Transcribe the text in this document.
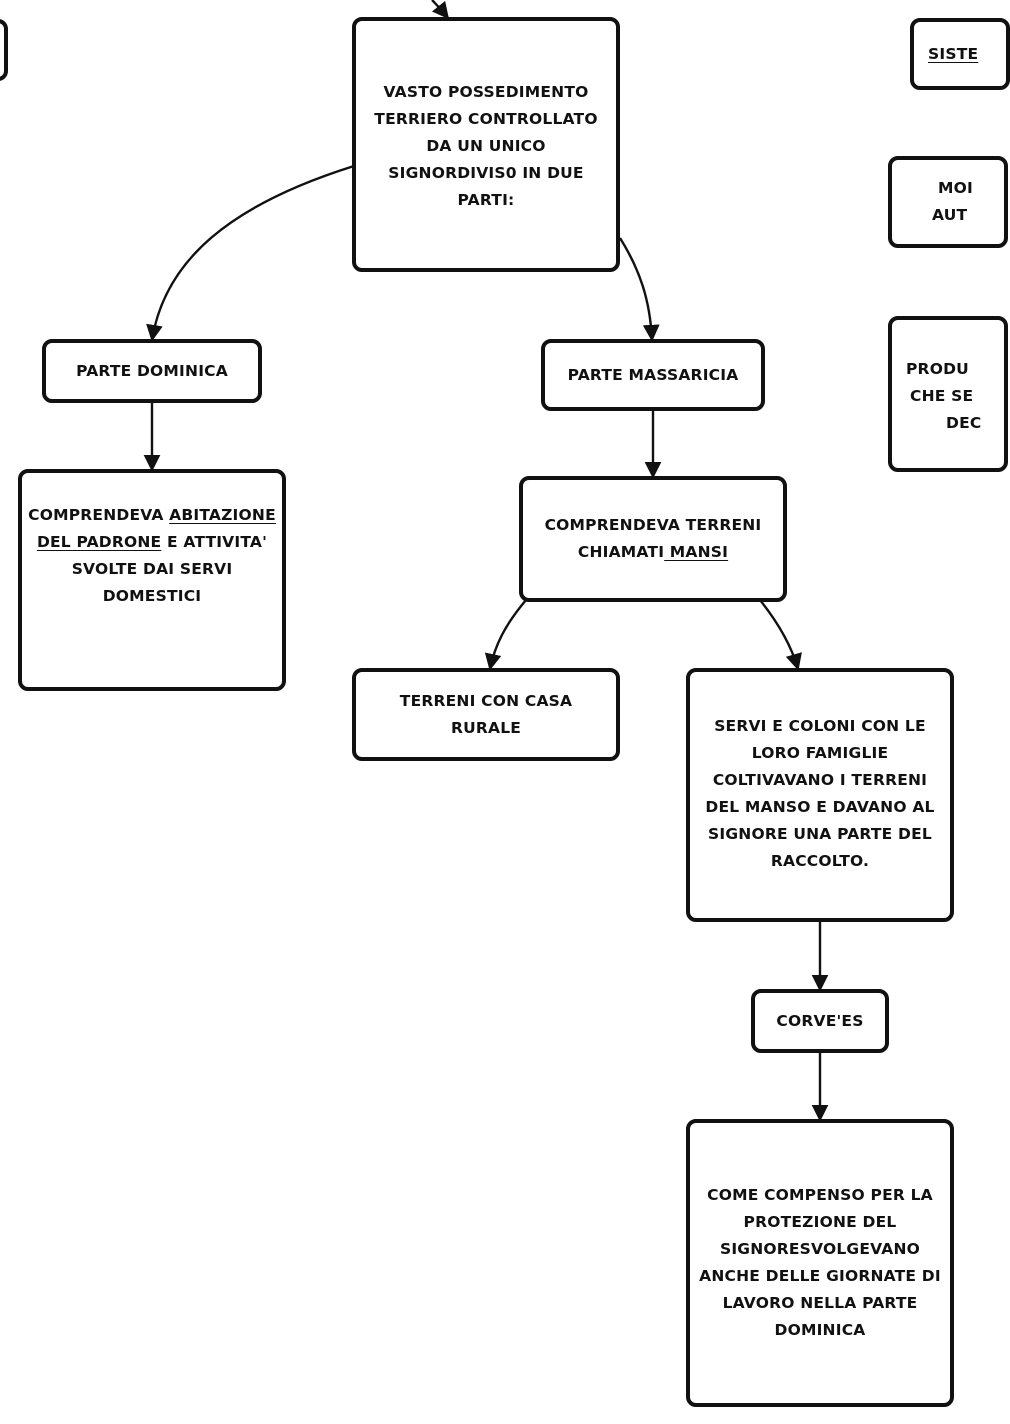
VASTO POSSEDIMENTO TERRIERO CONTROLLATO DA UN UNICO SIGNORDIVIS0 IN DUE PARTI:
PARTE DOMINICA	PARTE MASSARICIA
COMPRENDEVA ABITAZIONE DEL PADRONE E ATTIVITA' SVOLTE DAI SERVI DOMESTICI
COMPRENDEVA TERRENI CHIAMATI MANSI
TERRENI CON CASA RURALE	SERVI E COLONI CON LE LORO FAMIGLIE COLTIVAVANO I TERRENI DEL MANSO E DAVANO AL SIGNORE UNA PARTE DEL RACCOLTO.
CORVE'ES
COME COMPENSO PER LA PROTEZIONE DEL SIGNORESVOLGEVANO ANCHE DELLE GIORNATE DI LAVORO NELLA PARTE DOMINICA
SISTE
MOI
AUT
PRODU
CHE SE
DEC
